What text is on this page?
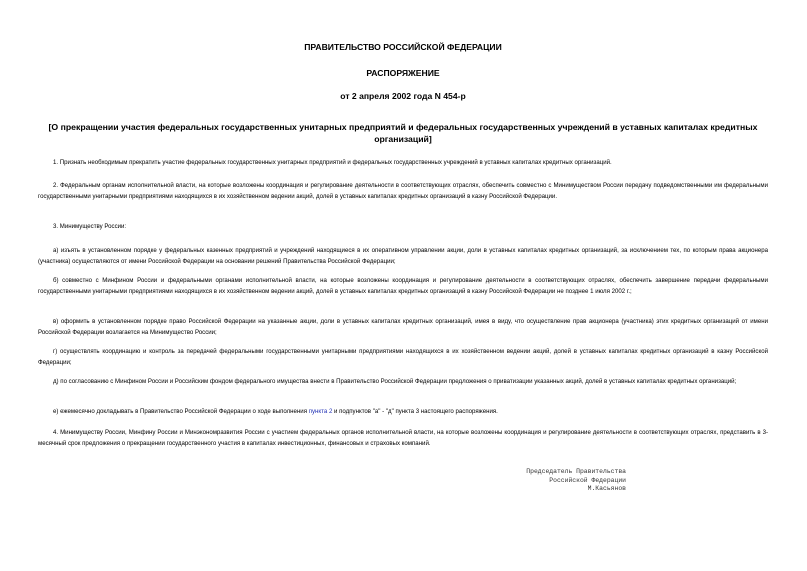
ПРАВИТЕЛЬСТВО РОССИЙСКОЙ ФЕДЕРАЦИИ
РАСПОРЯЖЕНИЕ
от 2 апреля 2002 года N 454-р
[О прекращении участия федеральных государственных унитарных предприятий и федеральных государственных учреждений в уставных капиталах кредитных организаций]

1. Признать необходимым прекратить участие федеральных государственных унитарных предприятий и федеральных государственных учреждений в уставных капиталах кредитных организаций.

2. Федеральным органам исполнительной власти, на которые возложены координация и регулирование деятельности в соответствующих отраслях, обеспечить совместно с Минимуществом России передачу подведомственными им федеральными государственными унитарными предприятиями находящихся в их хозяйственном ведении акций, долей в уставных капиталах кредитных организаций в казну Российской Федерации.

3. Минимуществу России:

а) изъять в установленном порядке у федеральных казенных предприятий и учреждений находящиеся в их оперативном управлении акции, доли в уставных капиталах кредитных организаций, за исключением тех, по которым права акционера (участника) осуществляются от имени Российской Федерации на основании решений Правительства Российской Федерации;

б) совместно с Минфином России и федеральными органами исполнительной власти, на которые возложены координация и регулирование деятельности в соответствующих отраслях, обеспечить завершение передачи федеральными государственными унитарными предприятиями находящихся в их хозяйственном ведении акций, долей в уставных капиталах кредитных организаций в казну Российской Федерации не позднее 1 июля 2002 г.;

в) оформить в установленном порядке право Российской Федерации на указанные акции, доли в уставных капиталах кредитных организаций, имея в виду, что осуществление прав акционера (участника) этих кредитных организаций от имени Российской Федерации возлагается на Минимущество России;

г) осуществлять координацию и контроль за передачей федеральными государственными унитарными предприятиями находящихся в их хозяйственном ведении акций, долей в уставных капиталах кредитных организаций в казну Российской Федерации;

д) по согласованию с Минфином России и Российским фондом федерального имущества внести в Правительство Российской Федерации предложения о приватизации указанных акций, долей в уставных капиталах кредитных организаций;

е) ежемесячно докладывать в Правительство Российской Федерации о ходе выполнения пункта 2 и подпунктов "а" - "д" пункта 3 настоящего распоряжения.

4. Минимуществу России, Минфину России и Минэкономразвития России с участием федеральных органов исполнительной власти, на которые возложены координация и регулирование деятельности в соответствующих отраслях, представить в 3-месячный срок предложения о прекращении государственного участия в капиталах инвестиционных, финансовых и страховых компаний.

Председатель Правительства
Российской Федерации
М.Касьянов
